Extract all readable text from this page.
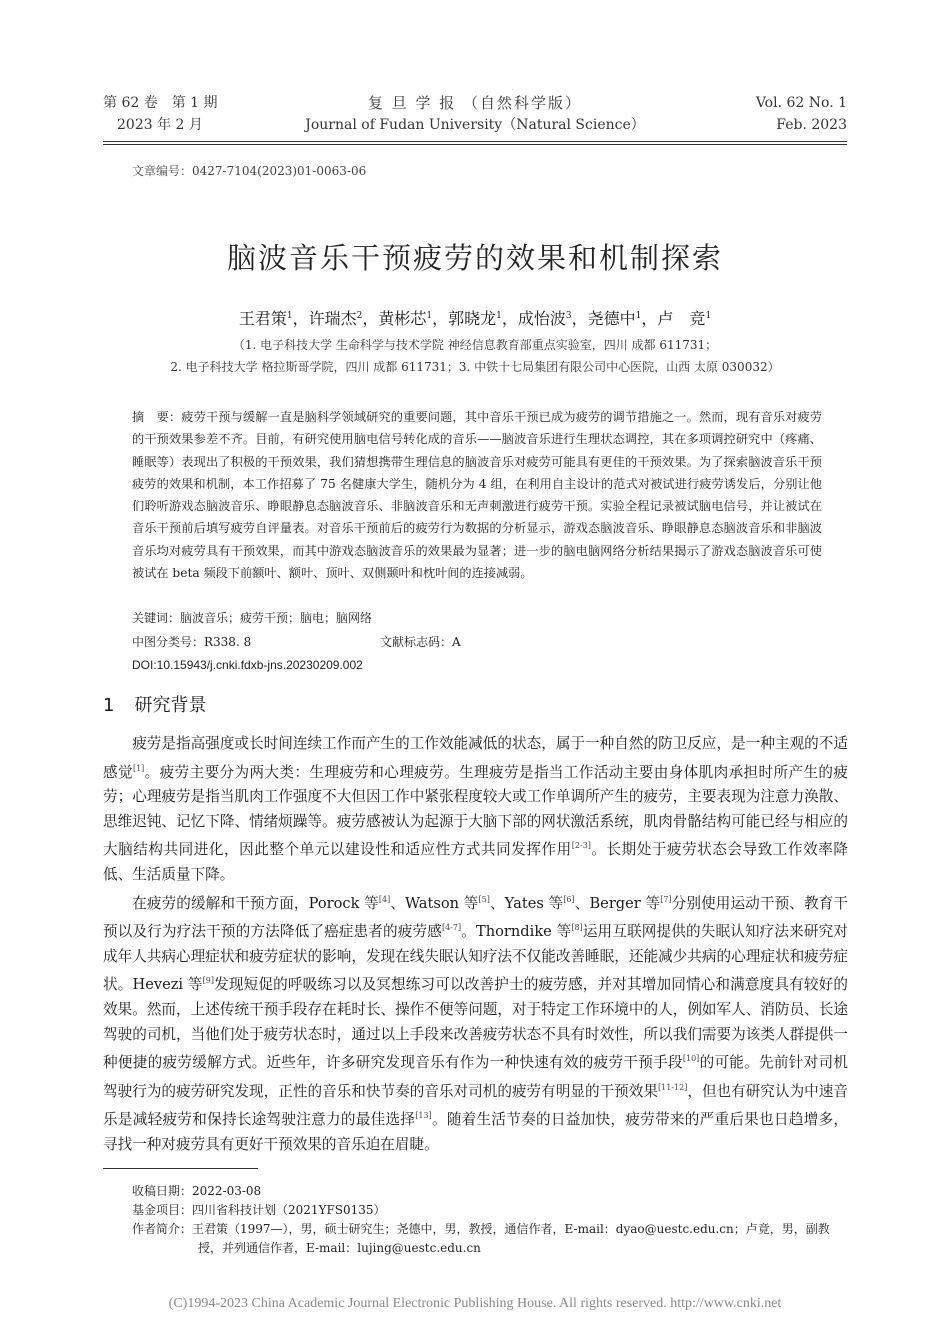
第 62 卷　第 1 期
2023 年 2 月
复 旦 学 报 （自然科学版）
Journal of Fudan University（Natural Science）
Vol. 62 No. 1
Feb. 2023
文章编号：0427-7104(2023)01-0063-06
脑波音乐干预疲劳的效果和机制探索
王君策$^1$，许瑞杰$^2$，黄彬芯$^1$，郭晓龙$^1$，成怡波$^3$，尧德中$^1$，卢　竞$^1$
（1. 电子科技大学 生命科学与技术学院 神经信息教育部重点实验室，四川 成都 611731；
2. 电子科技大学 格拉斯哥学院，四川 成都 611731；3. 中铁十七局集团有限公司中心医院，山西 太原 030032）
摘　要：疲劳干预与缓解一直是脑科学领域研究的重要问题，其中音乐干预已成为疲劳的调节措施之一。然而，现有音乐对疲劳的干预效果参差不齐。目前，有研究使用脑电信号转化成的音乐——脑波音乐进行生理状态调控，其在多项调控研究中（疼痛、睡眠等）表现出了积极的干预效果，我们猜想携带生理信息的脑波音乐对疲劳可能具有更佳的干预效果。为了探索脑波音乐干预疲劳的效果和机制，本工作招募了 75 名健康大学生，随机分为 4 组，在利用自主设计的范式对被试进行疲劳诱发后，分别让他们聆听游戏态脑波音乐、睁眼静息态脑波音乐、非脑波音乐和无声刺激进行疲劳干预。实验全程记录被试脑电信号，并让被试在音乐干预前后填写疲劳自评量表。对音乐干预前后的疲劳行为数据的分析显示，游戏态脑波音乐、睁眼静息态脑波音乐和非脑波音乐均对疲劳具有干预效果，而其中游戏态脑波音乐的效果最为显著；进一步的脑电脑网络分析结果揭示了游戏态脑波音乐可使被试在 beta 频段下前额叶、额叶、顶叶、双侧颞叶和枕叶间的连接减弱。
关键词：脑波音乐；疲劳干预；脑电；脑网络
中图分类号：R338. 8	文献标志码：A
DOI:10.15943/j.cnki.fdxb-jns.20230209.002
1 研究背景

疲劳是指高强度或长时间连续工作而产生的工作效能减低的状态，属于一种自然的防卫反应，是一种主观的不适感觉[1]。疲劳主要分为两大类：生理疲劳和心理疲劳。生理疲劳是指当工作活动主要由身体肌肉承担时所产生的疲劳；心理疲劳是指当肌肉工作强度不大但因工作中紧张程度较大或工作单调所产生的疲劳，主要表现为注意力涣散、思维迟钝、记忆下降、情绪烦躁等。疲劳感被认为起源于大脑下部的网状激活系统，肌肉骨骼结构可能已经与相应的大脑结构共同进化，因此整个单元以建设性和适应性方式共同发挥作用[2-3]。长期处于疲劳状态会导致工作效率降低、生活质量下降。

在疲劳的缓解和干预方面，Porock 等[4]、Watson 等[5]、Yates 等[6]、Berger 等[7]分别使用运动干预、教育干预以及行为疗法干预的方法降低了癌症患者的疲劳感[4-7]。Thorndike 等[8]运用互联网提供的失眠认知疗法来研究对成年人共病心理症状和疲劳症状的影响，发现在线失眠认知疗法不仅能改善睡眠，还能减少共病的心理症状和疲劳症状。Hevezi 等[9]发现短促的呼吸练习以及冥想练习可以改善护士的疲劳感，并对其增加同情心和满意度具有较好的效果。然而，上述传统干预手段存在耗时长、操作不便等问题，对于特定工作环境中的人，例如军人、消防员、长途驾驶的司机，当他们处于疲劳状态时，通过以上手段来改善疲劳状态不具有时效性，所以我们需要为该类人群提供一种便捷的疲劳缓解方式。近些年，许多研究发现音乐有作为一种快速有效的疲劳干预手段[10]的可能。先前针对司机驾驶行为的疲劳研究发现，正性的音乐和快节奏的音乐对司机的疲劳有明显的干预效果[11-12]，但也有研究认为中速音乐是减轻疲劳和保持长途驾驶注意力的最佳选择[13]。随着生活节奏的日益加快，疲劳带来的严重后果也日趋增多，寻找一种对疲劳具有更好干预效果的音乐迫在眉睫。

收稿日期：2022-03-08
基金项目：四川省科技计划（2021YFS0135）
作者简介：王君策（1997—），男，硕士研究生；尧德中，男，教授，通信作者，E-mail：dyao@uestc.edu.cn；卢竟，男，副教授，并列通信作者，E-mail：lujing@uestc.edu.cn
(C)1994-2023 China Academic Journal Electronic Publishing House. All rights reserved. http://www.cnki.net
